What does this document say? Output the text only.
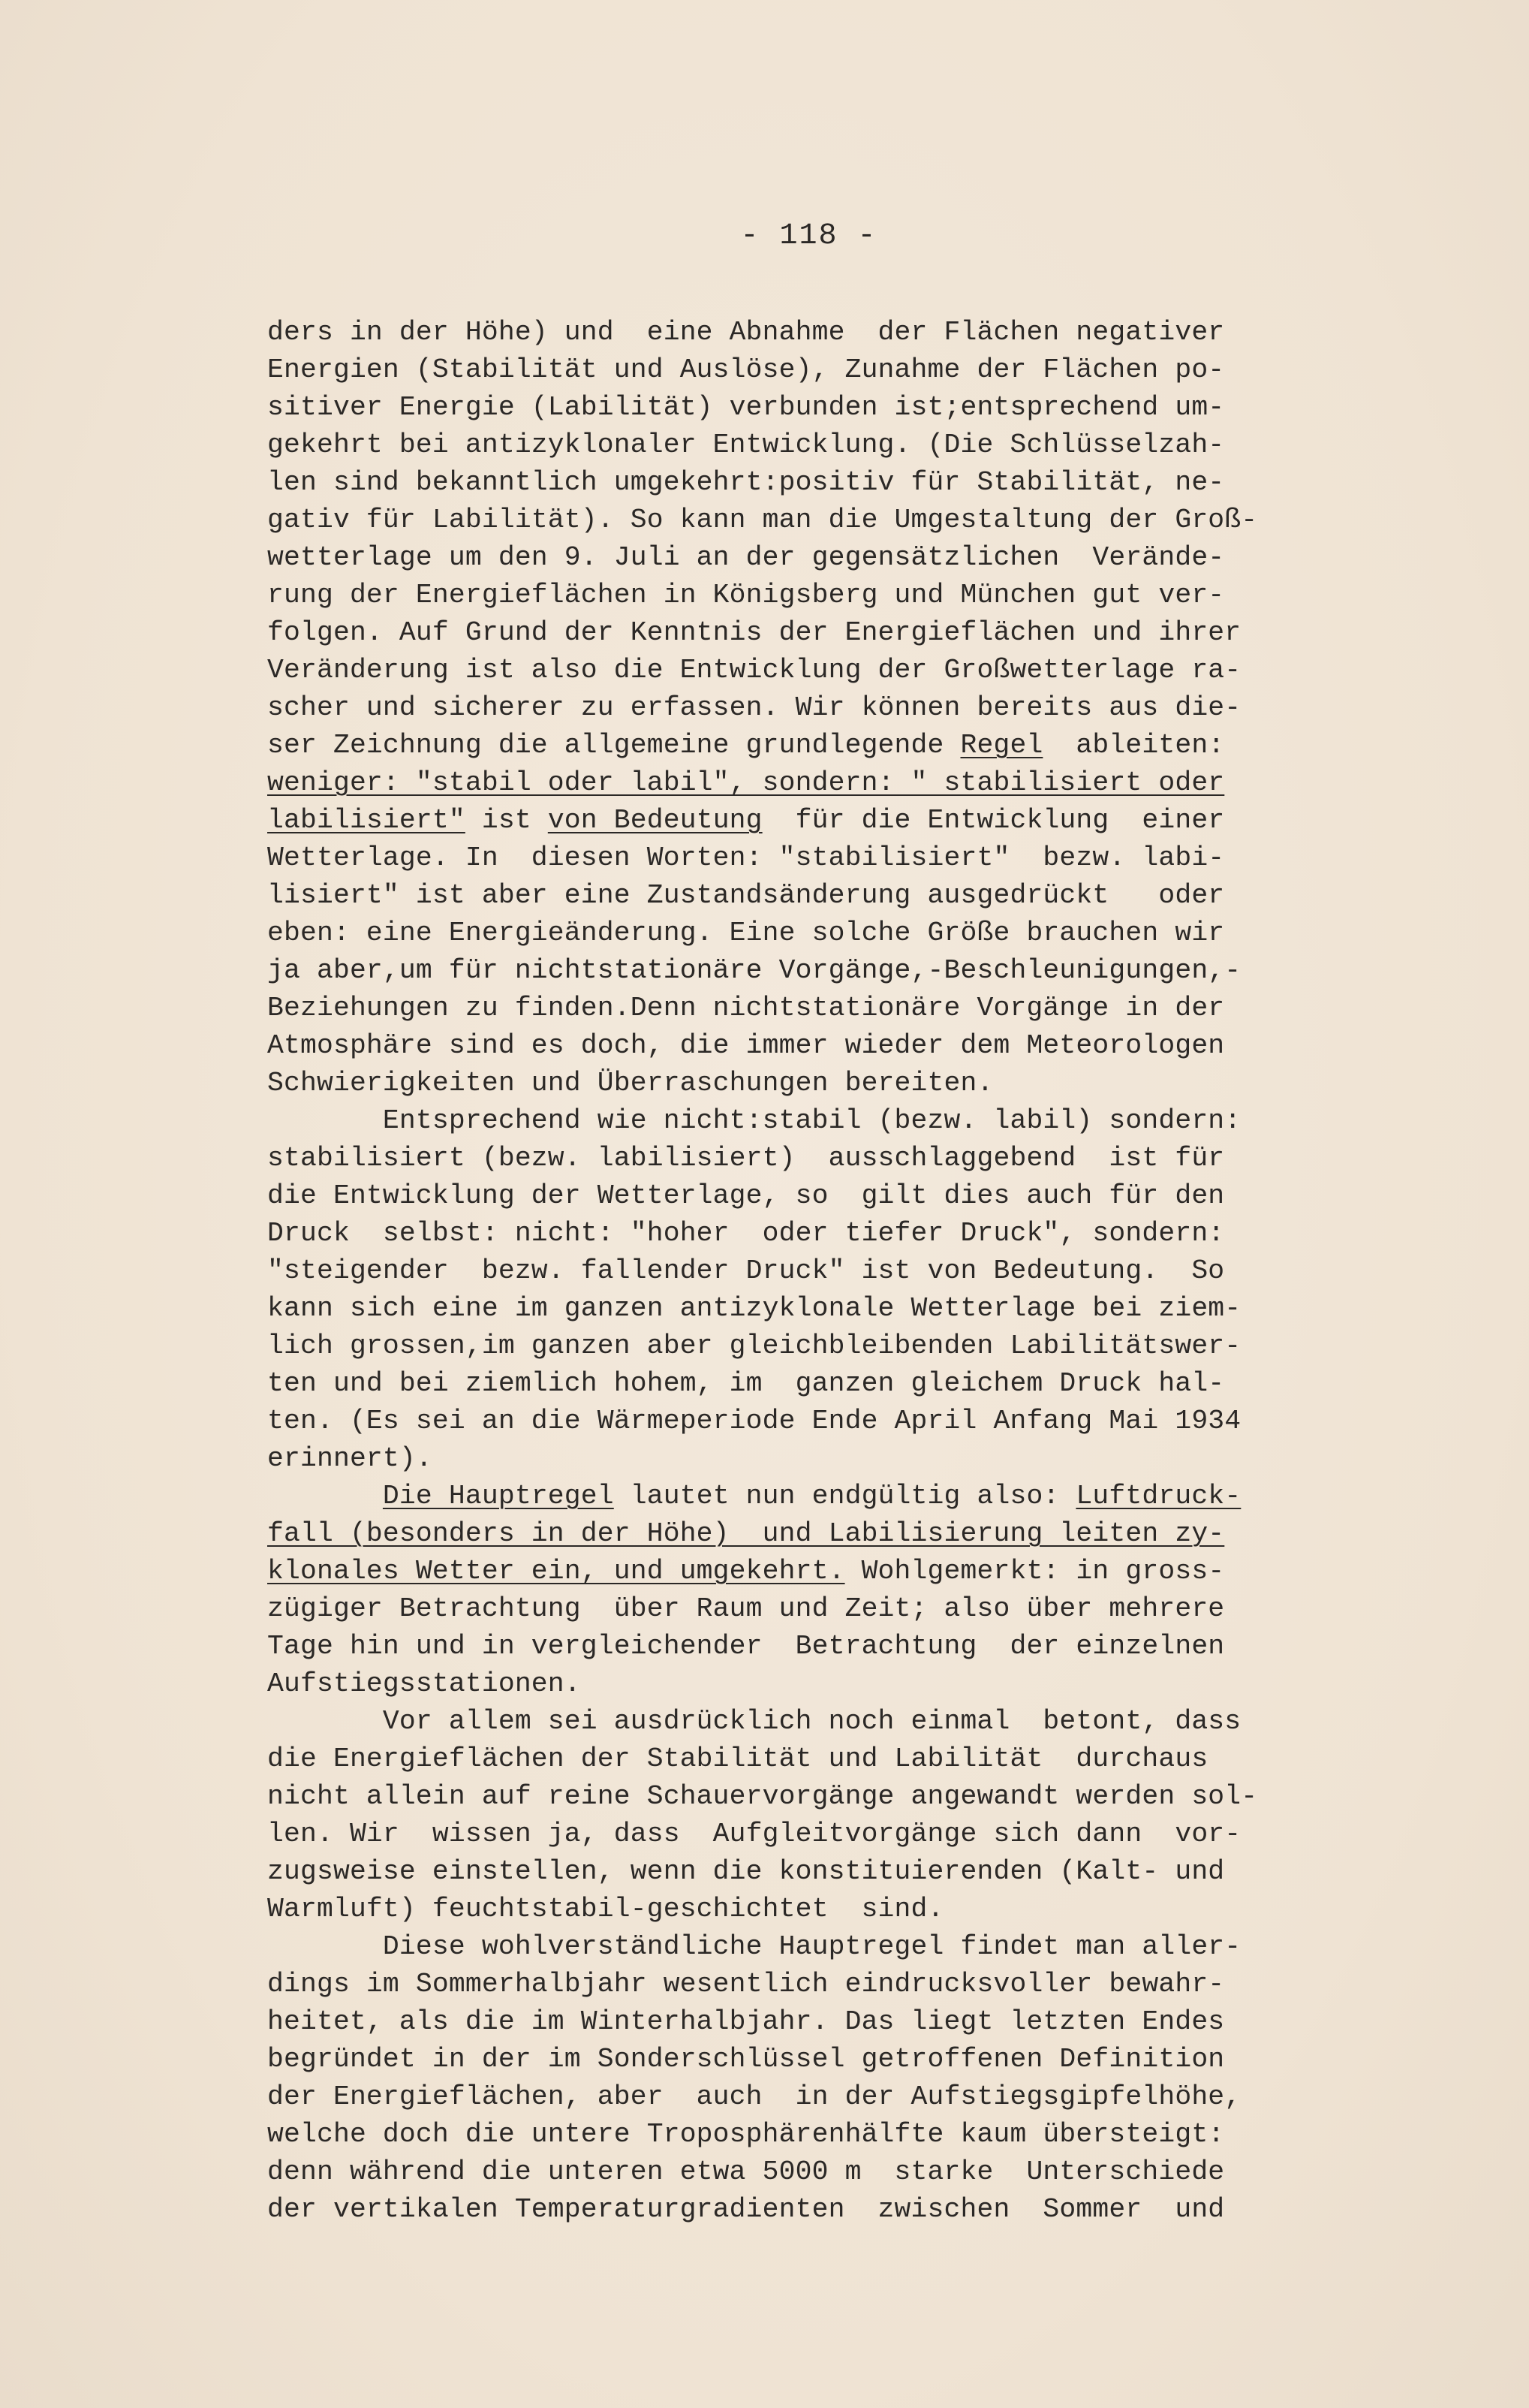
- 118 -
ders in der Höhe) und  eine Abnahme  der Flächen negativer
Energien (Stabilität und Auslöse), Zunahme der Flächen po-
sitiver Energie (Labilität) verbunden ist;entsprechend um-
gekehrt bei antizyklonaler Entwicklung. (Die Schlüsselzah-
len sind bekanntlich umgekehrt:positiv für Stabilität, ne-
gativ für Labilität). So kann man die Umgestaltung der Groß-
wetterlage um den 9. Juli an der gegensätzlichen  Verände-
rung der Energieflächen in Königsberg und München gut ver-
folgen. Auf Grund der Kenntnis der Energieflächen und ihrer
Veränderung ist also die Entwicklung der Großwetterlage ra-
scher und sicherer zu erfassen. Wir können bereits aus die-
ser Zeichnung die allgemeine grundlegende Regel  ableiten:
weniger: "stabil oder labil", sondern: " stabilisiert oder
labilisiert" ist von Bedeutung  für die Entwicklung  einer
Wetterlage. In  diesen Worten: "stabilisiert"  bezw. labi-
lisiert" ist aber eine Zustandsänderung ausgedrückt   oder
eben: eine Energieänderung. Eine solche Größe brauchen wir
ja aber,um für nichtstationäre Vorgänge,-Beschleunigungen,-
Beziehungen zu finden.Denn nichtstationäre Vorgänge in der
Atmosphäre sind es doch, die immer wieder dem Meteorologen
Schwierigkeiten und Überraschungen bereiten.
Entsprechend wie nicht:stabil (bezw. labil) sondern:
stabilisiert (bezw. labilisiert)  ausschlaggebend  ist für
die Entwicklung der Wetterlage, so  gilt dies auch für den
Druck  selbst: nicht: "hoher  oder tiefer Druck", sondern:
"steigender  bezw. fallender Druck" ist von Bedeutung.  So
kann sich eine im ganzen antizyklonale Wetterlage bei ziem-
lich grossen,im ganzen aber gleichbleibenden Labilitätswer-
ten und bei ziemlich hohem, im  ganzen gleichem Druck hal-
ten. (Es sei an die Wärmeperiode Ende April Anfang Mai 1934
erinnert).
Die Hauptregel lautet nun endgültig also: Luftdruck-
fall (besonders in der Höhe)  und Labilisierung leiten zy-
klonales Wetter ein, und umgekehrt. Wohlgemerkt: in gross-
zügiger Betrachtung  über Raum und Zeit; also über mehrere
Tage hin und in vergleichender  Betrachtung  der einzelnen
Aufstiegsstationen.
Vor allem sei ausdrücklich noch einmal  betont, dass
die Energieflächen der Stabilität und Labilität  durchaus
nicht allein auf reine Schauervorgänge angewandt werden sol-
len. Wir  wissen ja, dass  Aufgleitvorgänge sich dann  vor-
zugsweise einstellen, wenn die konstituierenden (Kalt- und
Warmluft) feuchtstabil-geschichtet  sind.
Diese wohlverständliche Hauptregel findet man aller-
dings im Sommerhalbjahr wesentlich eindrucksvoller bewahr-
heitet, als die im Winterhalbjahr. Das liegt letzten Endes
begründet in der im Sonderschlüssel getroffenen Definition
der Energieflächen, aber  auch  in der Aufstiegsgipfelhöhe,
welche doch die untere Troposphärenhälfte kaum übersteigt:
denn während die unteren etwa 5000 m  starke  Unterschiede
der vertikalen Temperaturgradienten  zwischen  Sommer  und
